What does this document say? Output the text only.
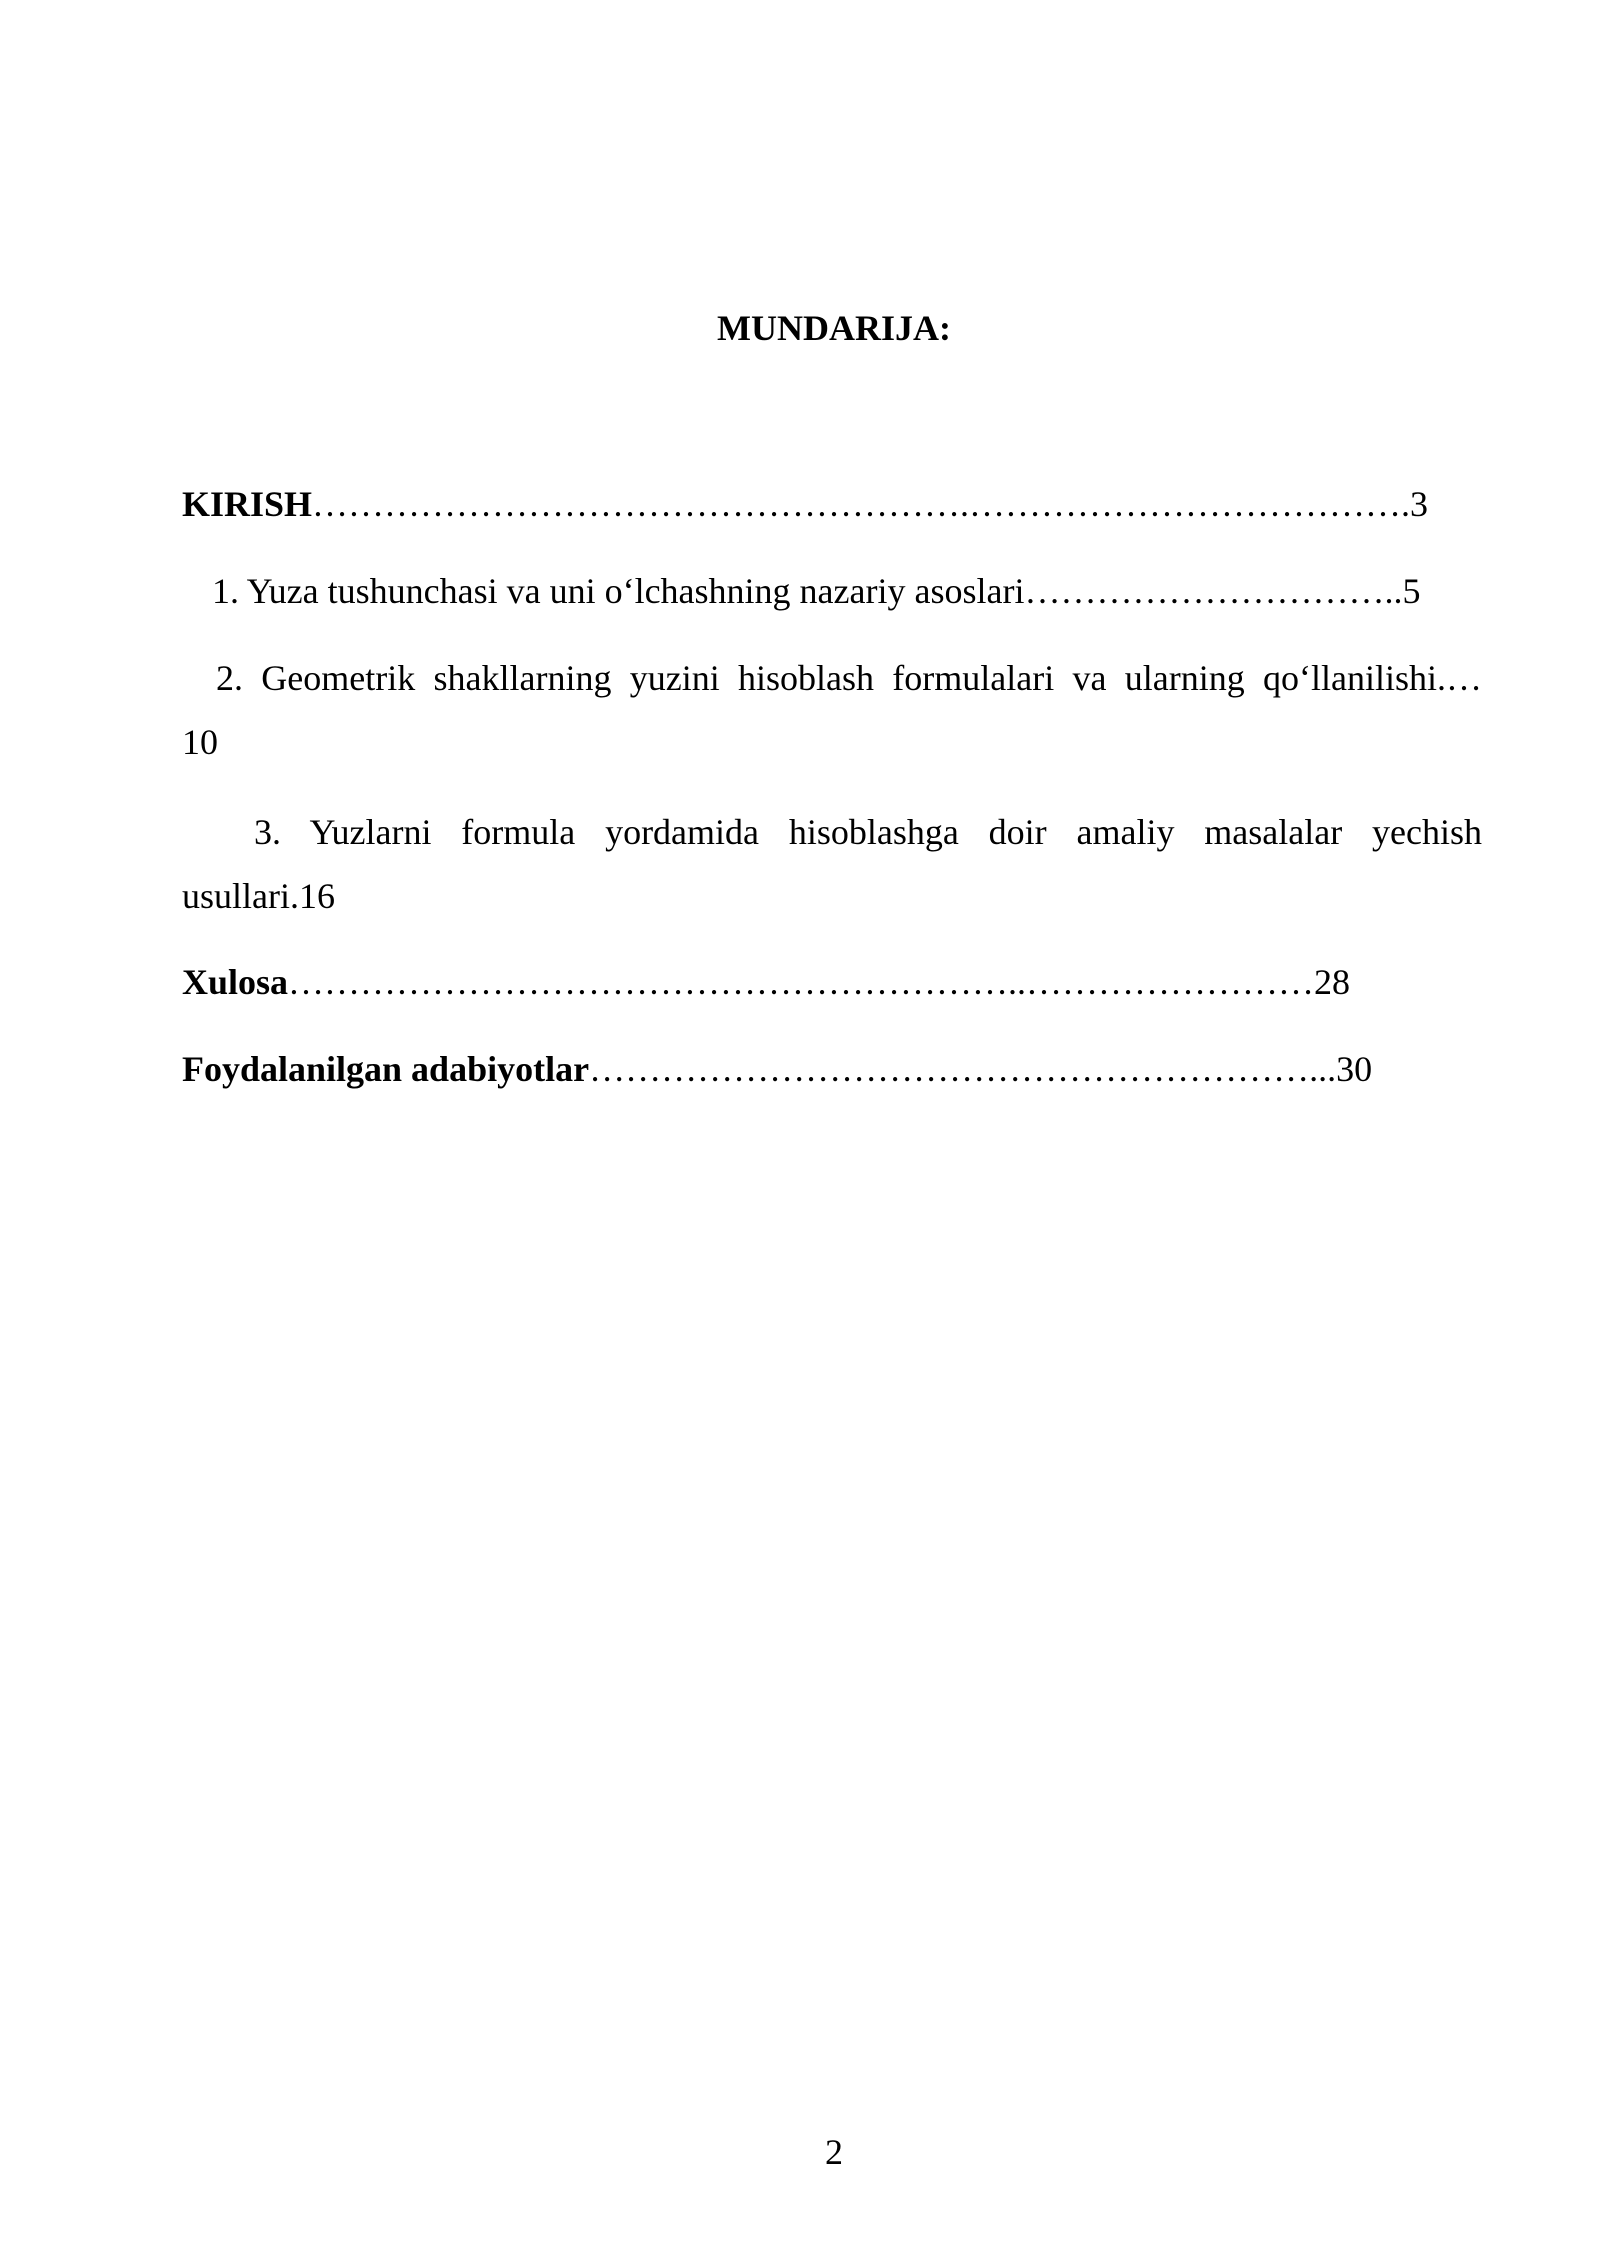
MUNDARIJA:
KIRISH……………………………………………….……………………………….3
1. Yuza tushunchasi va uni o‘lchashning nazariy asoslari…………………………..5
2. Geometrik shakllarning yuzini hisoblash formulalari va ularning qo‘llanilishi.…
10
3. Yuzlarni formula yordamida hisoblashga doir amaliy masalalar yechish
usullari.16
Xulosa……………………………………………………..……………………28
Foydalanilgan adabiyotlar……………………………………………………...30
2
